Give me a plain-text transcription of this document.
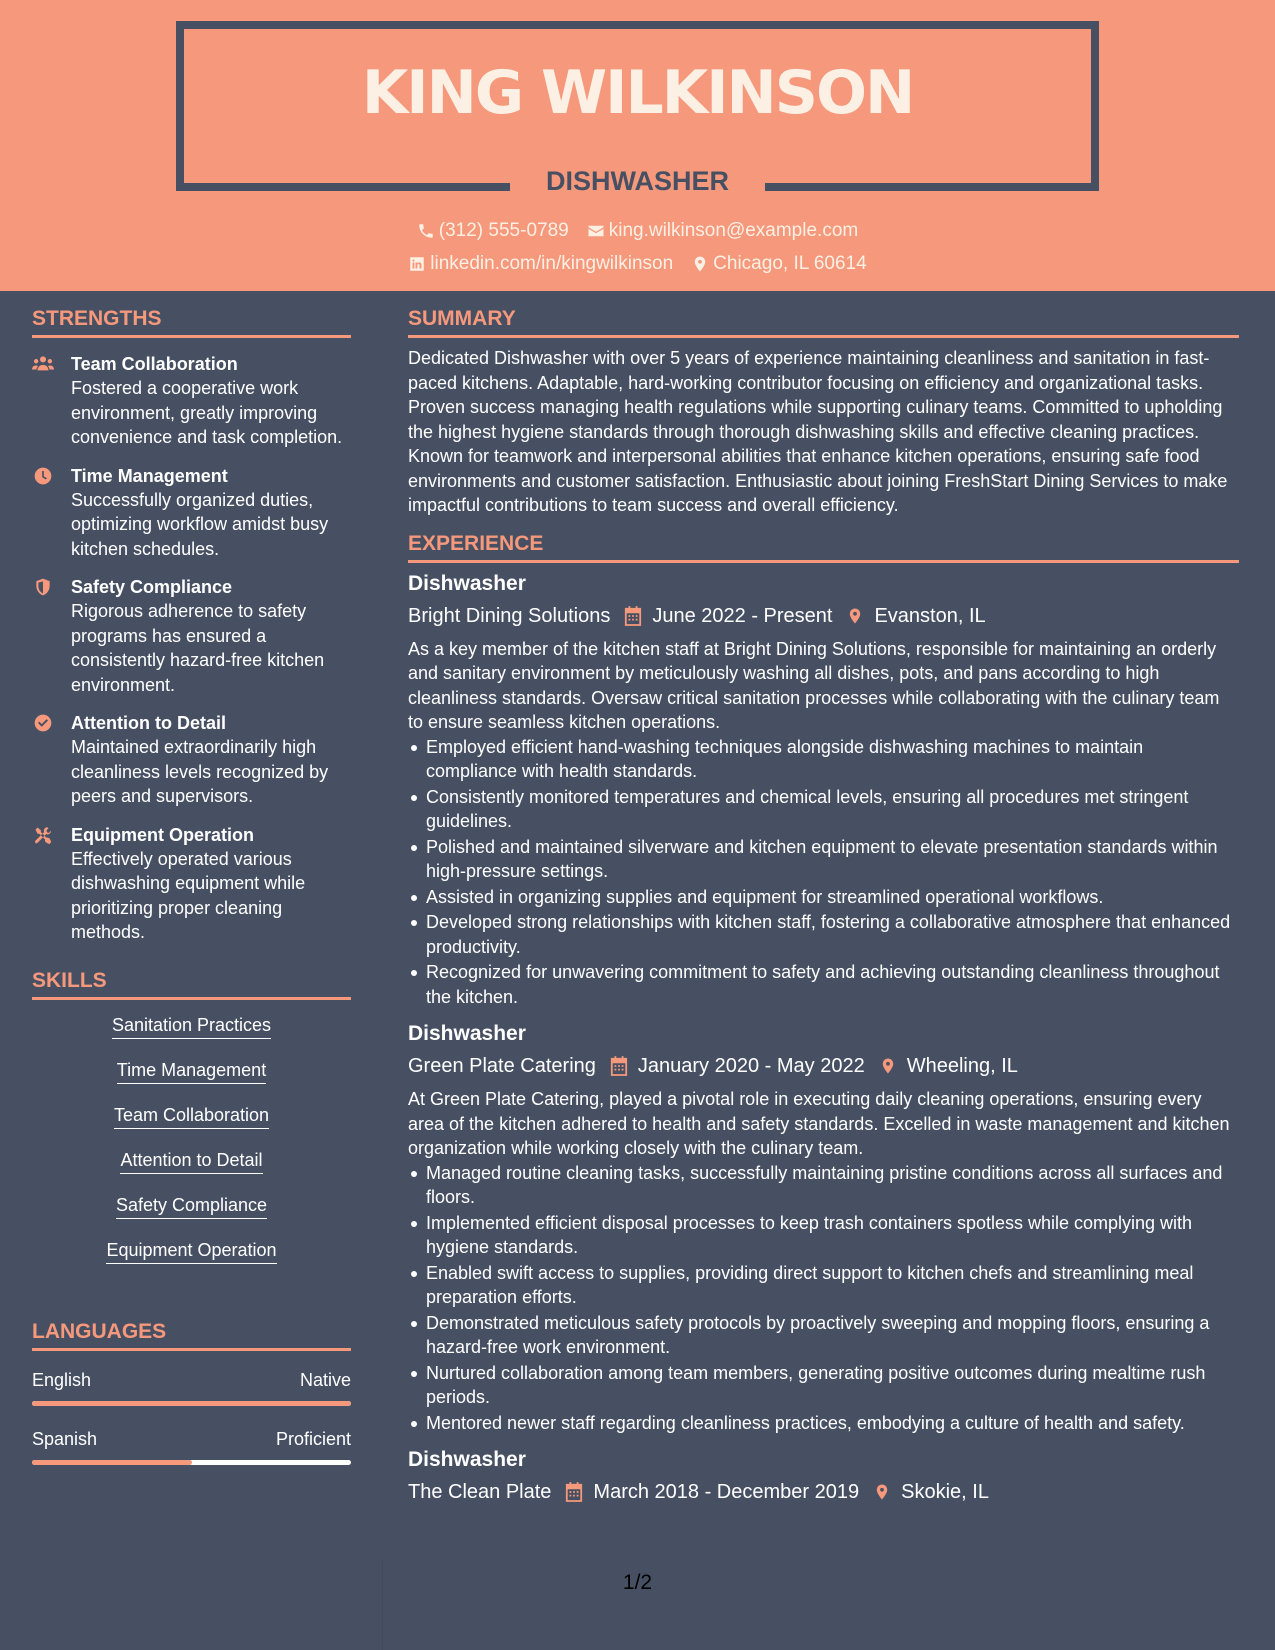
KING WILKINSON
DISHWASHER
(312) 555-0789 king.wilkinson@example.com
linkedin.com/in/kingwilkinson Chicago, IL 60614
STRENGTHS
Team Collaboration
Fostered a cooperative work environment, greatly improving convenience and task completion.
Time Management
Successfully organized duties, optimizing workflow amidst busy kitchen schedules.
Safety Compliance
Rigorous adherence to safety programs has ensured a consistently hazard-free kitchen environment.
Attention to Detail
Maintained extraordinarily high cleanliness levels recognized by peers and supervisors.
Equipment Operation
Effectively operated various dishwashing equipment while prioritizing proper cleaning methods.
SKILLS
Sanitation Practices
Time Management
Team Collaboration
Attention to Detail
Safety Compliance
Equipment Operation
LANGUAGES
English	Native
Spanish	Proficient
SUMMARY
Dedicated Dishwasher with over 5 years of experience maintaining cleanliness and sanitation in fast-paced kitchens. Adaptable, hard-working contributor focusing on efficiency and organizational tasks. Proven success managing health regulations while supporting culinary teams. Committed to upholding the highest hygiene standards through thorough dishwashing skills and effective cleaning practices. Known for teamwork and interpersonal abilities that enhance kitchen operations, ensuring safe food environments and customer satisfaction. Enthusiastic about joining FreshStart Dining Services to make impactful contributions to team success and overall efficiency.
EXPERIENCE
Dishwasher
Bright Dining Solutions June 2022 - Present Evanston, IL
As a key member of the kitchen staff at Bright Dining Solutions, responsible for maintaining an orderly and sanitary environment by meticulously washing all dishes, pots, and pans according to high cleanliness standards. Oversaw critical sanitation processes while collaborating with the culinary team to ensure seamless kitchen operations.
Employed efficient hand-washing techniques alongside dishwashing machines to maintain compliance with health standards.
Consistently monitored temperatures and chemical levels, ensuring all procedures met stringent guidelines.
Polished and maintained silverware and kitchen equipment to elevate presentation standards within high-pressure settings.
Assisted in organizing supplies and equipment for streamlined operational workflows.
Developed strong relationships with kitchen staff, fostering a collaborative atmosphere that enhanced productivity.
Recognized for unwavering commitment to safety and achieving outstanding cleanliness throughout the kitchen.
Dishwasher
Green Plate Catering January 2020 - May 2022 Wheeling, IL
At Green Plate Catering, played a pivotal role in executing daily cleaning operations, ensuring every area of the kitchen adhered to health and safety standards. Excelled in waste management and kitchen organization while working closely with the culinary team.
Managed routine cleaning tasks, successfully maintaining pristine conditions across all surfaces and floors.
Implemented efficient disposal processes to keep trash containers spotless while complying with hygiene standards.
Enabled swift access to supplies, providing direct support to kitchen chefs and streamlining meal preparation efforts.
Demonstrated meticulous safety protocols by proactively sweeping and mopping floors, ensuring a hazard-free work environment.
Nurtured collaboration among team members, generating positive outcomes during mealtime rush periods.
Mentored newer staff regarding cleanliness practices, embodying a culture of health and safety.
Dishwasher
The Clean Plate March 2018 - December 2019 Skokie, IL
1/2
